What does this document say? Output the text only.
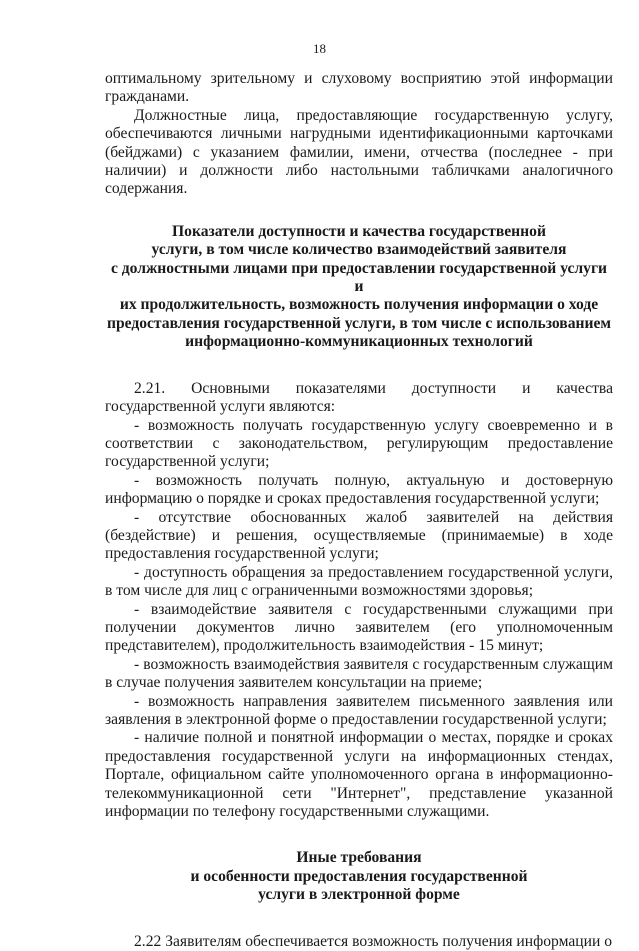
18

оптимальному зрительному и слуховому восприятию этой информации гражданами.

Должностные лица, предоставляющие государственную услугу, обеспечиваются личными нагрудными идентификационными карточками (бейджами) с указанием фамилии, имени, отчества (последнее - при наличии) и должности либо настольными табличками аналогичного содержания.

Показатели доступности и качества государственной

услуги, в том числе количество взаимодействий заявителя

с должностными лицами при предоставлении государственной услуги и

их продолжительность, возможность получения информации о ходе

предоставления государственной услуги, в том числе с использованием

информационно-коммуникационных технологий

2.21. Основными показателями доступности и качества государственной услуги являются:

- возможность получать государственную услугу своевременно и в соответствии с законодательством, регулирующим предоставление государственной услуги;

- возможность получать полную, актуальную и достоверную информацию о порядке и сроках предоставления государственной услуги;

- отсутствие обоснованных жалоб заявителей на действия (бездействие) и решения, осуществляемые (принимаемые) в ходе предоставления государственной услуги;

- доступность обращения за предоставлением государственной услуги, в том числе для лиц с ограниченными возможностями здоровья;

- взаимодействие заявителя с государственными служащими при получении документов лично заявителем (его уполномоченным представителем), продолжительность взаимодействия - 15 минут;

- возможность взаимодействия заявителя с государственным служащим в случае получения заявителем консультации на приеме;

- возможность направления заявителем письменного заявления или заявления в электронной форме о предоставлении государственной услуги;

- наличие полной и понятной информации о местах, порядке и сроках предоставления государственной услуги на информационных стендах, Портале, официальном сайте уполномоченного органа в информационно-телекоммуникационной сети "Интернет", представление указанной информации по телефону государственными служащими.

Иные требования

и особенности предоставления государственной

услуги в электронной форме

2.22 Заявителям обеспечивается возможность получения информации о
